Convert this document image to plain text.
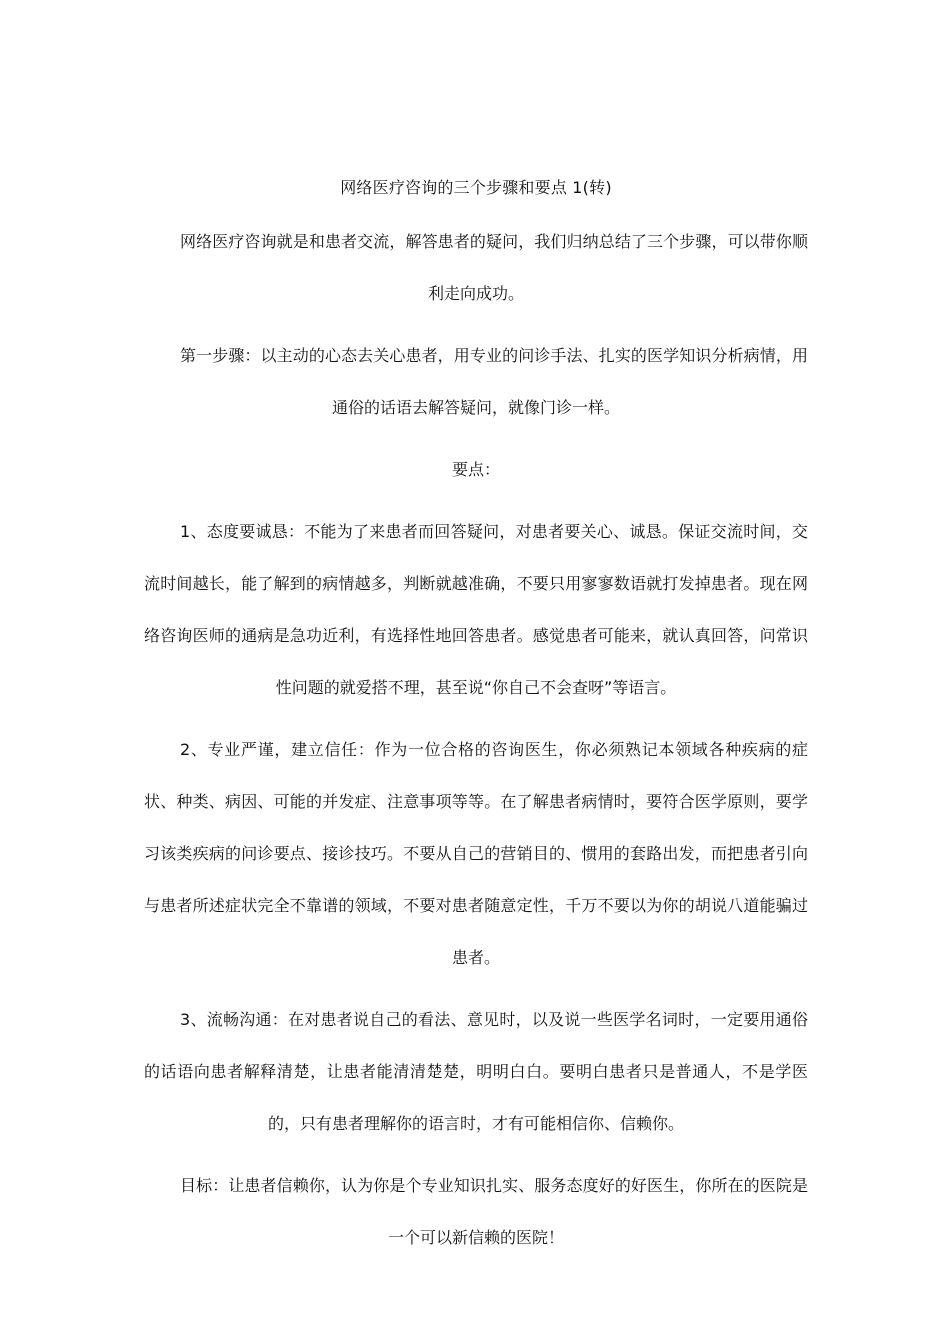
网络医疗咨询的三个步骤和要点 1(转)

网络医疗咨询就是和患者交流，解答患者的疑问，我们归纳总结了三个步骤，可以带你顺利走向成功。

第一步骤：以主动的心态去关心患者，用专业的问诊手法、扎实的医学知识分析病情，用通俗的话语去解答疑问，就像门诊一样。

要点：

1、态度要诚恳：不能为了来患者而回答疑问，对患者要关心、诚恳。保证交流时间，交流时间越长，能了解到的病情越多，判断就越准确，不要只用寥寥数语就打发掉患者。现在网络咨询医师的通病是急功近利，有选择性地回答患者。感觉患者可能来，就认真回答，问常识性问题的就爱搭不理，甚至说“你自己不会查呀”等语言。

2、专业严谨，建立信任：作为一位合格的咨询医生，你必须熟记本领域各种疾病的症状、种类、病因、可能的并发症、注意事项等等。在了解患者病情时，要符合医学原则，要学习该类疾病的问诊要点、接诊技巧。不要从自己的营销目的、惯用的套路出发，而把患者引向与患者所述症状完全不靠谱的领域，不要对患者随意定性，千万不要以为你的胡说八道能骗过患者。

3、流畅沟通：在对患者说自己的看法、意见时，以及说一些医学名词时，一定要用通俗的话语向患者解释清楚，让患者能清清楚楚，明明白白。要明白患者只是普通人，不是学医的，只有患者理解你的语言时，才有可能相信你、信赖你。

目标：让患者信赖你，认为你是个专业知识扎实、服务态度好的好医生，你所在的医院是一个可以新信赖的医院！
